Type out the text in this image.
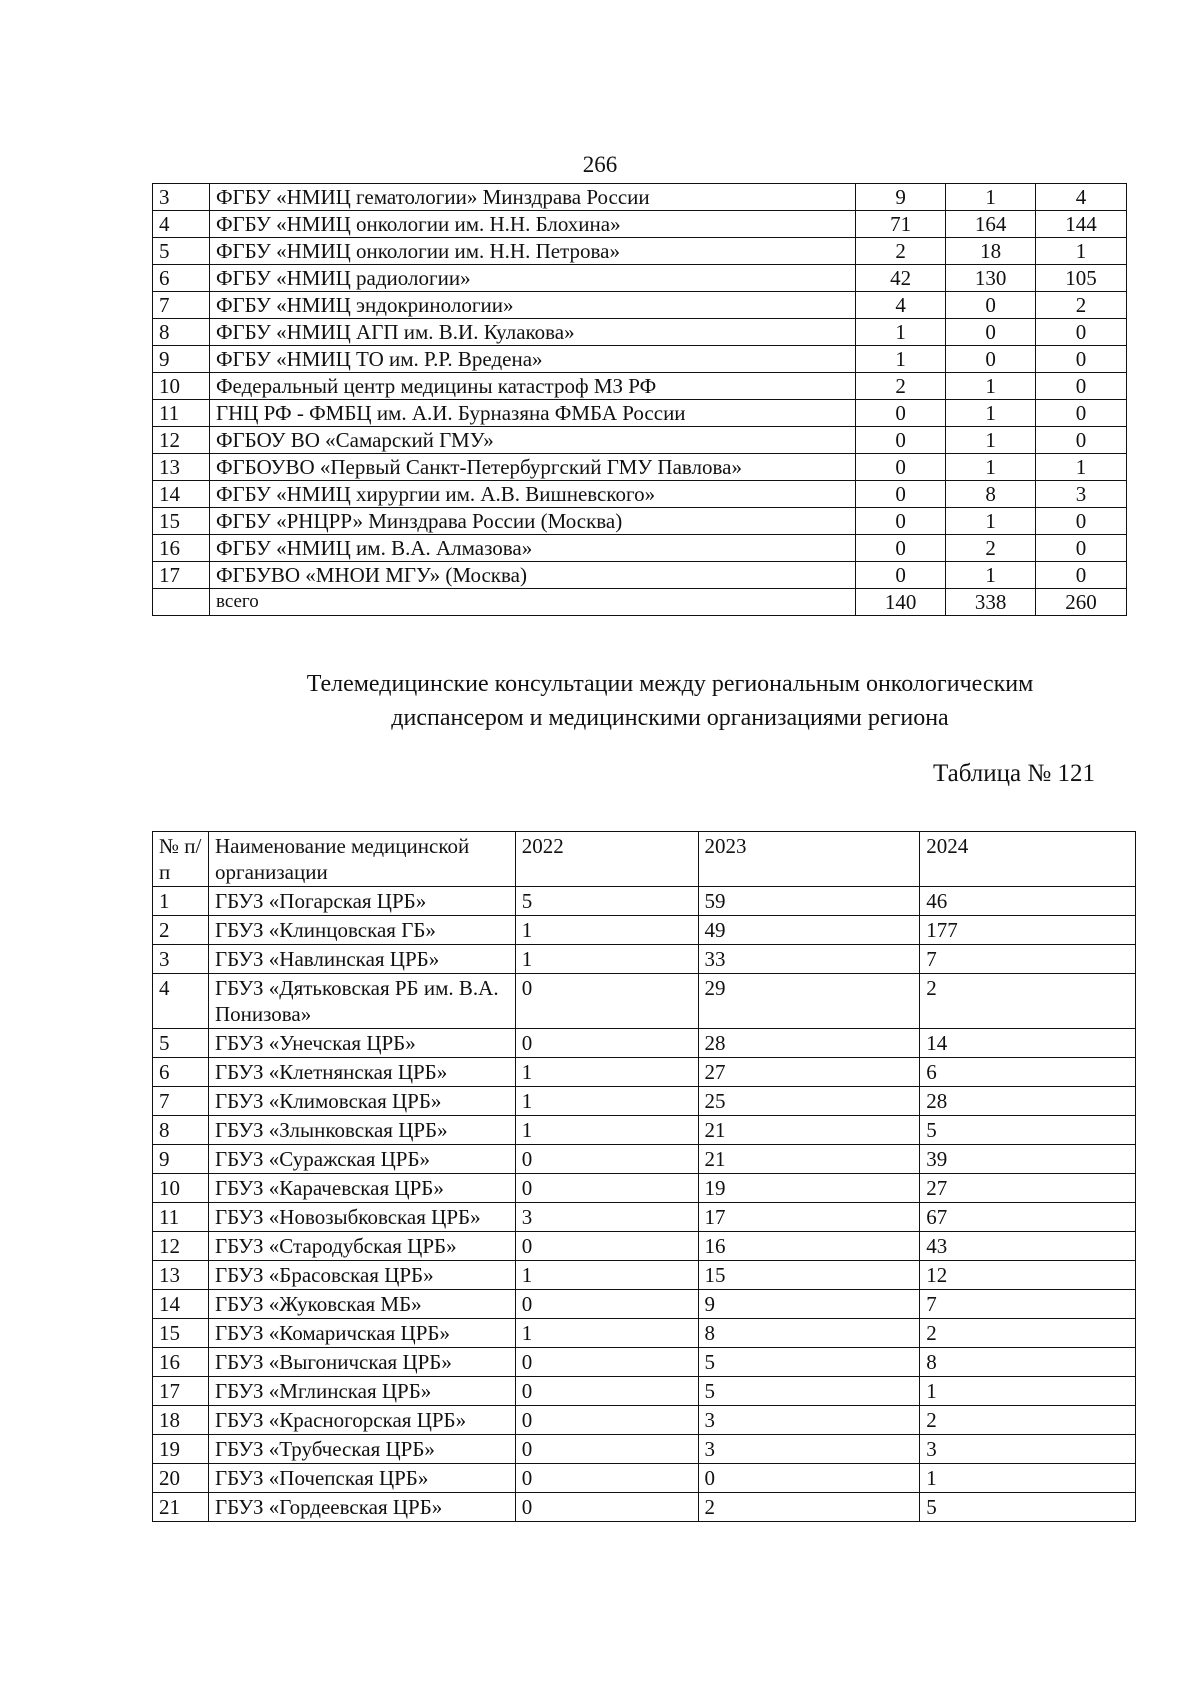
266
3	ФГБУ «НМИЦ гематологии» Минздрава России	9	1	4
4	ФГБУ «НМИЦ онкологии им. Н.Н. Блохина»	71	164	144
5	ФГБУ «НМИЦ онкологии им. Н.Н. Петрова»	2	18	1
6	ФГБУ «НМИЦ радиологии»	42	130	105
7	ФГБУ «НМИЦ эндокринологии»	4	0	2
8	ФГБУ «НМИЦ АГП им. В.И. Кулакова»	1	0	0
9	ФГБУ «НМИЦ ТО им. Р.Р. Вредена»	1	0	0
10	Федеральный центр медицины катастроф МЗ РФ	2	1	0
11	ГНЦ РФ - ФМБЦ им. А.И. Бурназяна ФМБА России	0	1	0
12	ФГБОУ ВО «Самарский ГМУ»	0	1	0
13	ФГБОУВО «Первый Санкт-Петербургский ГМУ Павлова»	0	1	1
14	ФГБУ «НМИЦ хирургии им. А.В. Вишневского»	0	8	3
15	ФГБУ «РНЦРР» Минздрава России (Москва)	0	1	0
16	ФГБУ «НМИЦ им. В.А. Алмазова»	0	2	0
17	ФГБУВО «МНОИ МГУ» (Москва)	0	1	0
	всего	140	338	260
Телемедицинские консультации между региональным онкологическим
диспансером и медицинскими организациями региона
Таблица № 121
№ п/п	Наименование медицинской организации	2022	2023	2024
1	ГБУЗ «Погарская ЦРБ»	5	59	46
2	ГБУЗ «Клинцовская ГБ»	1	49	177
3	ГБУЗ «Навлинская ЦРБ»	1	33	7
4	ГБУЗ «Дятьковская РБ им. В.А. Понизова»	0	29	2
5	ГБУЗ «Унечская ЦРБ»	0	28	14
6	ГБУЗ «Клетнянская ЦРБ»	1	27	6
7	ГБУЗ «Климовская ЦРБ»	1	25	28
8	ГБУЗ «Злынковская ЦРБ»	1	21	5
9	ГБУЗ «Суражская ЦРБ»	0	21	39
10	ГБУЗ «Карачевская ЦРБ»	0	19	27
11	ГБУЗ «Новозыбковская ЦРБ»	3	17	67
12	ГБУЗ «Стародубская ЦРБ»	0	16	43
13	ГБУЗ «Брасовская ЦРБ»	1	15	12
14	ГБУЗ «Жуковская МБ»	0	9	7
15	ГБУЗ «Комаричская ЦРБ»	1	8	2
16	ГБУЗ «Выгоничская ЦРБ»	0	5	8
17	ГБУЗ «Мглинская ЦРБ»	0	5	1
18	ГБУЗ «Красногорская ЦРБ»	0	3	2
19	ГБУЗ «Трубческая ЦРБ»	0	3	3
20	ГБУЗ «Почепская ЦРБ»	0	0	1
21	ГБУЗ «Гордеевская ЦРБ»	0	2	5
